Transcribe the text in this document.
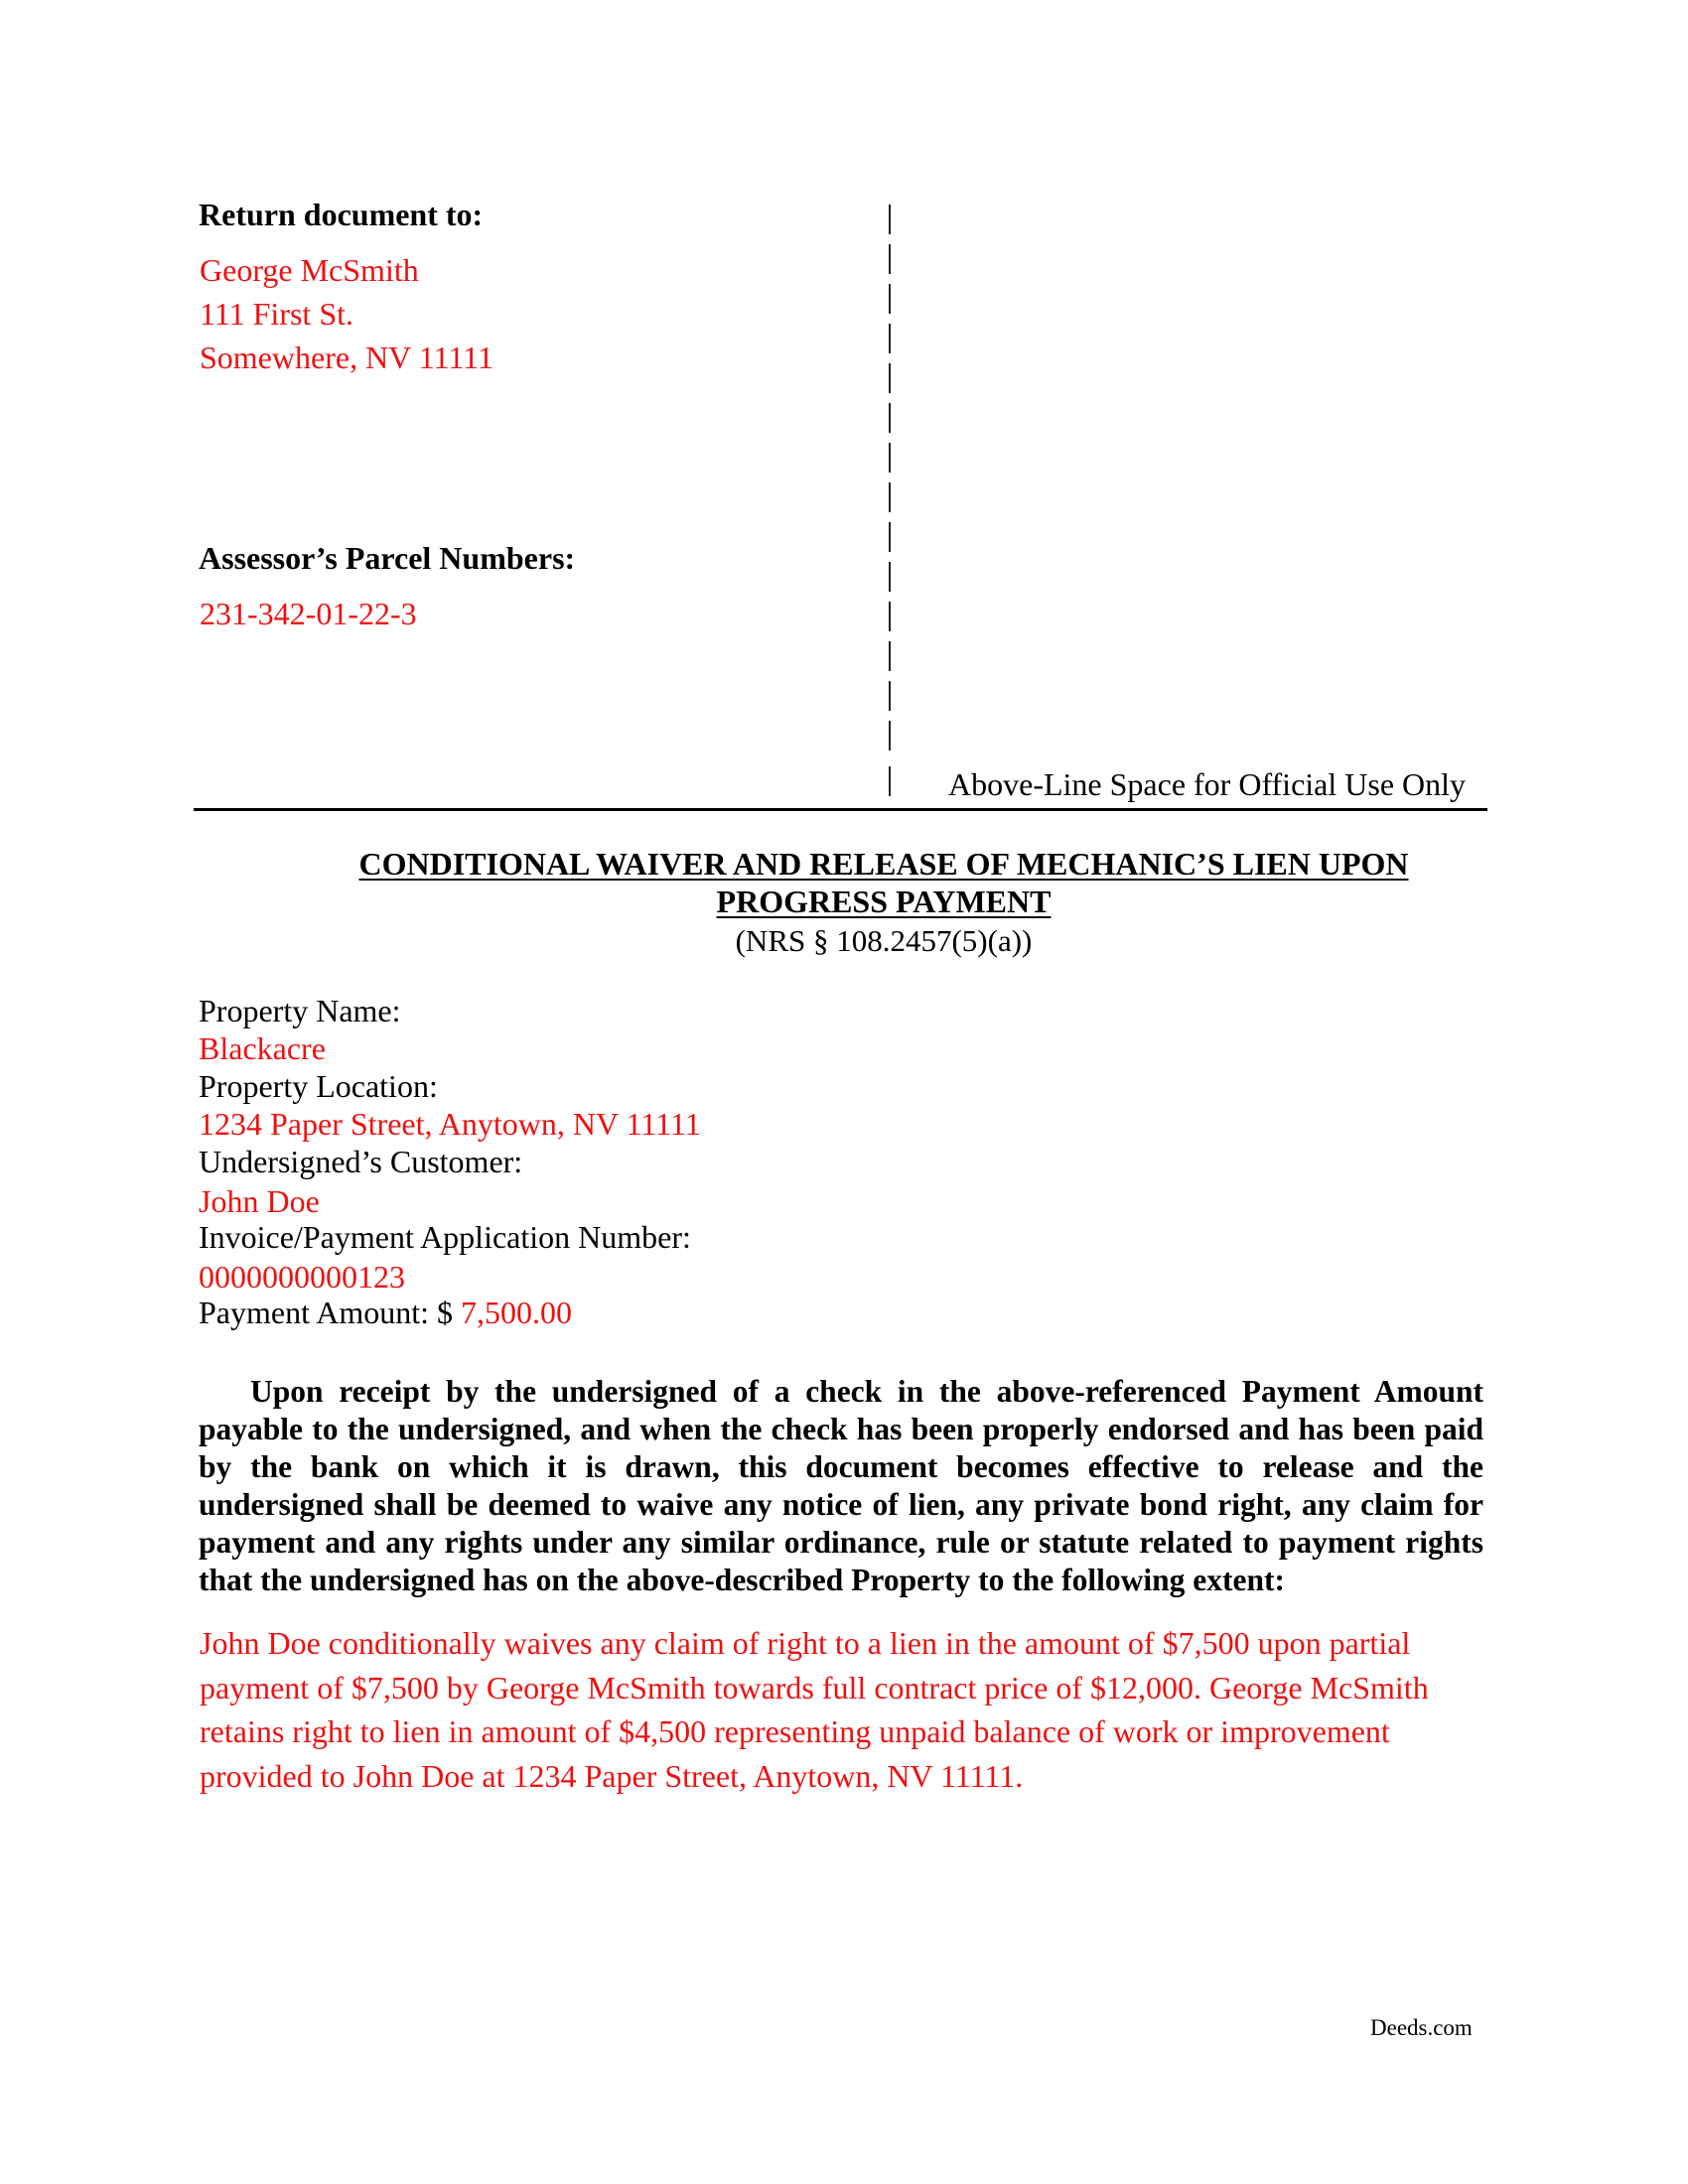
Return document to:
George McSmith
111 First St.
Somewhere, NV 11111
Assessor’s Parcel Numbers:
231-342-01-22-3
Above-Line Space for Official Use Only
CONDITIONAL WAIVER AND RELEASE OF MECHANIC’S LIEN UPON
PROGRESS PAYMENT
(NRS § 108.2457(5)(a))
Property Name:
Blackacre
Property Location:
1234 Paper Street, Anytown, NV 11111
Undersigned’s Customer:
John Doe
Invoice/Payment Application Number:
0000000000123
Payment Amount: $ 7,500.00
Upon receipt by the undersigned of a check in the above-referenced Payment Amount payable to the undersigned, and when the check has been properly endorsed and has been paid by the bank on which it is drawn, this document becomes effective to release and the undersigned shall be deemed to waive any notice of lien, any private bond right, any claim for payment and any rights under any similar ordinance, rule or statute related to payment rights that the undersigned has on the above-described Property to the following extent:
John Doe conditionally waives any claim of right to a lien in the amount of $7,500 upon partial payment of $7,500 by George McSmith towards full contract price of $12,000. George McSmith retains right to lien in amount of $4,500 representing unpaid balance of work or improvement provided to John Doe at 1234 Paper Street, Anytown, NV 11111.
Deeds.com
